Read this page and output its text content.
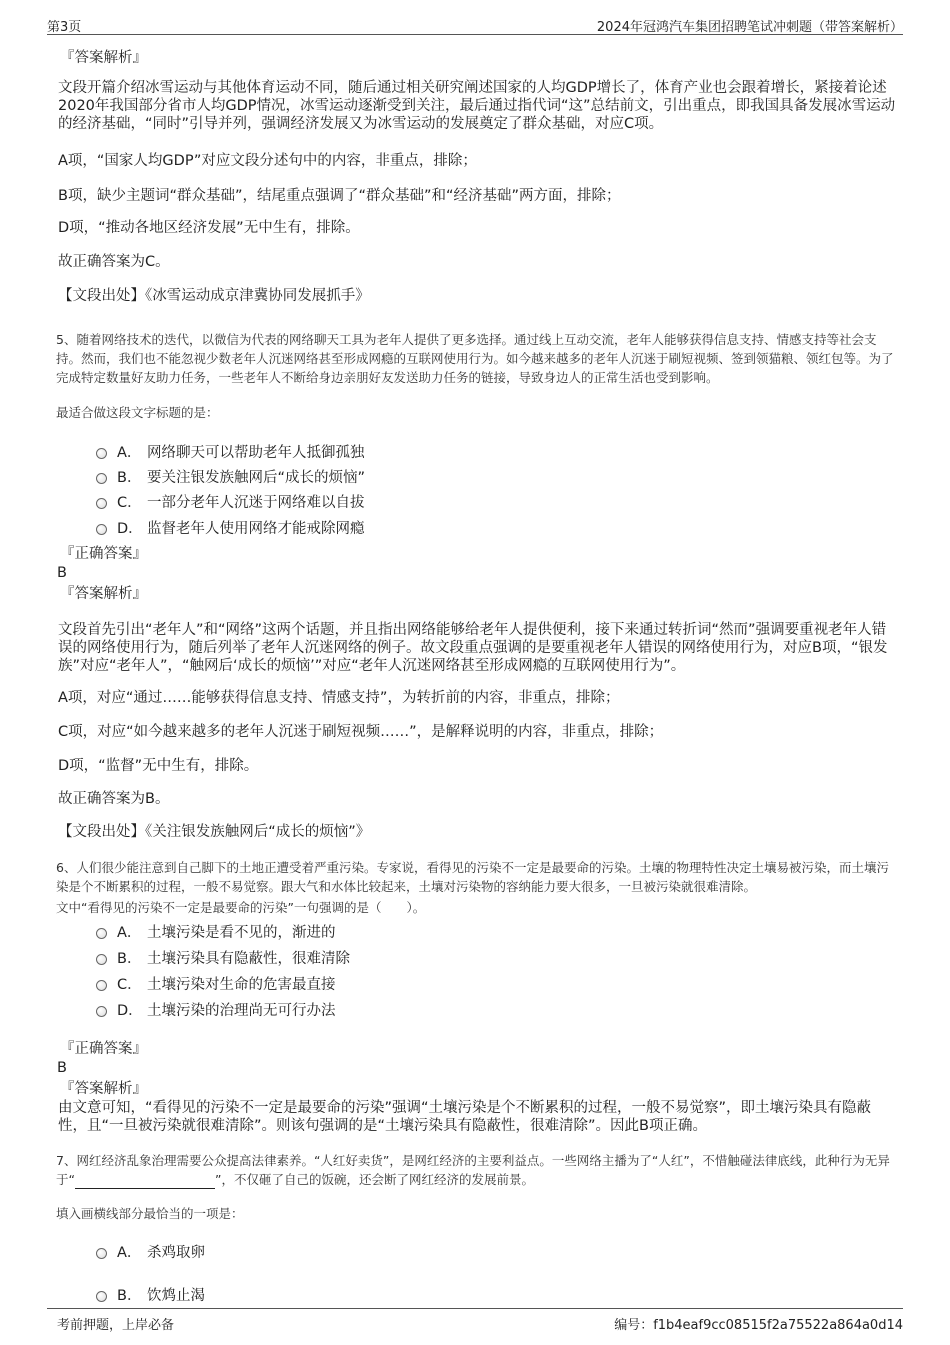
第3页	2024年冠鸿汽车集团招聘笔试冲刺题（带答案解析）
『答案解析』
文段开篇介绍冰雪运动与其他体育运动不同，随后通过相关研究阐述国家的人均GDP增长了，体育产业也会跟着增长，紧接着论述2020年我国部分省市人均GDP情况，冰雪运动逐渐受到关注，最后通过指代词“这”总结前文，引出重点，即我国具备发展冰雪运动的经济基础，“同时”引导并列，强调经济发展又为冰雪运动的发展奠定了群众基础，对应C项。
A项，“国家人均GDP”对应文段分述句中的内容，非重点，排除；
B项，缺少主题词“群众基础”，结尾重点强调了“群众基础”和“经济基础”两方面，排除；
D项，“推动各地区经济发展”无中生有，排除。
故正确答案为C。
【文段出处】《冰雪运动成京津冀协同发展抓手》
5、随着网络技术的迭代，以微信为代表的网络聊天工具为老年人提供了更多选择。通过线上互动交流，老年人能够获得信息支持、情感支持等社会支持。然而，我们也不能忽视少数老年人沉迷网络甚至形成网瘾的互联网使用行为。如今越来越多的老年人沉迷于刷短视频、签到领猫粮、领红包等。为了完成特定数量好友助力任务，一些老年人不断给身边亲朋好友发送助力任务的链接，导致身边人的正常生活也受到影响。
最适合做这段文字标题的是：
A． 网络聊天可以帮助老年人抵御孤独
B． 要关注银发族触网后“成长的烦恼”
C． 一部分老年人沉迷于网络难以自拔
D． 监督老年人使用网络才能戒除网瘾
『正确答案』
B
『答案解析』
文段首先引出“老年人”和“网络”这两个话题，并且指出网络能够给老年人提供便利，接下来通过转折词“然而”强调要重视老年人错误的网络使用行为，随后列举了老年人沉迷网络的例子。故文段重点强调的是要重视老年人错误的网络使用行为，对应B项，“银发族”对应“老年人”，“触网后‘成长的烦恼’”对应“老年人沉迷网络甚至形成网瘾的互联网使用行为”。
A项，对应“通过……能够获得信息支持、情感支持”，为转折前的内容，非重点，排除；
C项，对应“如今越来越多的老年人沉迷于刷短视频……”，是解释说明的内容，非重点，排除；
D项，“监督”无中生有，排除。
故正确答案为B。
【文段出处】《关注银发族触网后“成长的烦恼”》
6、人们很少能注意到自己脚下的土地正遭受着严重污染。专家说，看得见的污染不一定是最要命的污染。土壤的物理特性决定土壤易被污染，而土壤污染是个不断累积的过程，一般不易觉察。跟大气和水体比较起来，土壤对污染物的容纳能力要大很多，一旦被污染就很难清除。
文中“看得见的污染不一定是最要命的污染”一句强调的是（　　）。
A． 土壤污染是看不见的，渐进的
B． 土壤污染具有隐蔽性，很难清除
C． 土壤污染对生命的危害最直接
D． 土壤污染的治理尚无可行办法
『正确答案』
B
『答案解析』
由文意可知，“看得见的污染不一定是最要命的污染”强调“土壤污染是个不断累积的过程，一般不易觉察”，即土壤污染具有隐蔽性，且“一旦被污染就很难清除”。则该句强调的是“土壤污染具有隐蔽性，很难清除”。因此B项正确。
7、网红经济乱象治理需要公众提高法律素养。“人红好卖货”，是网红经济的主要利益点。一些网络主播为了“人红”，不惜触碰法律底线，此种行为无异于“	”，不仅砸了自己的饭碗，还会断了网红经济的发展前景。
填入画横线部分最恰当的一项是：
A． 杀鸡取卵
B． 饮鸩止渴
考前押题，上岸必备	编号：f1b4eaf9cc08515f2a75522a864a0d14
